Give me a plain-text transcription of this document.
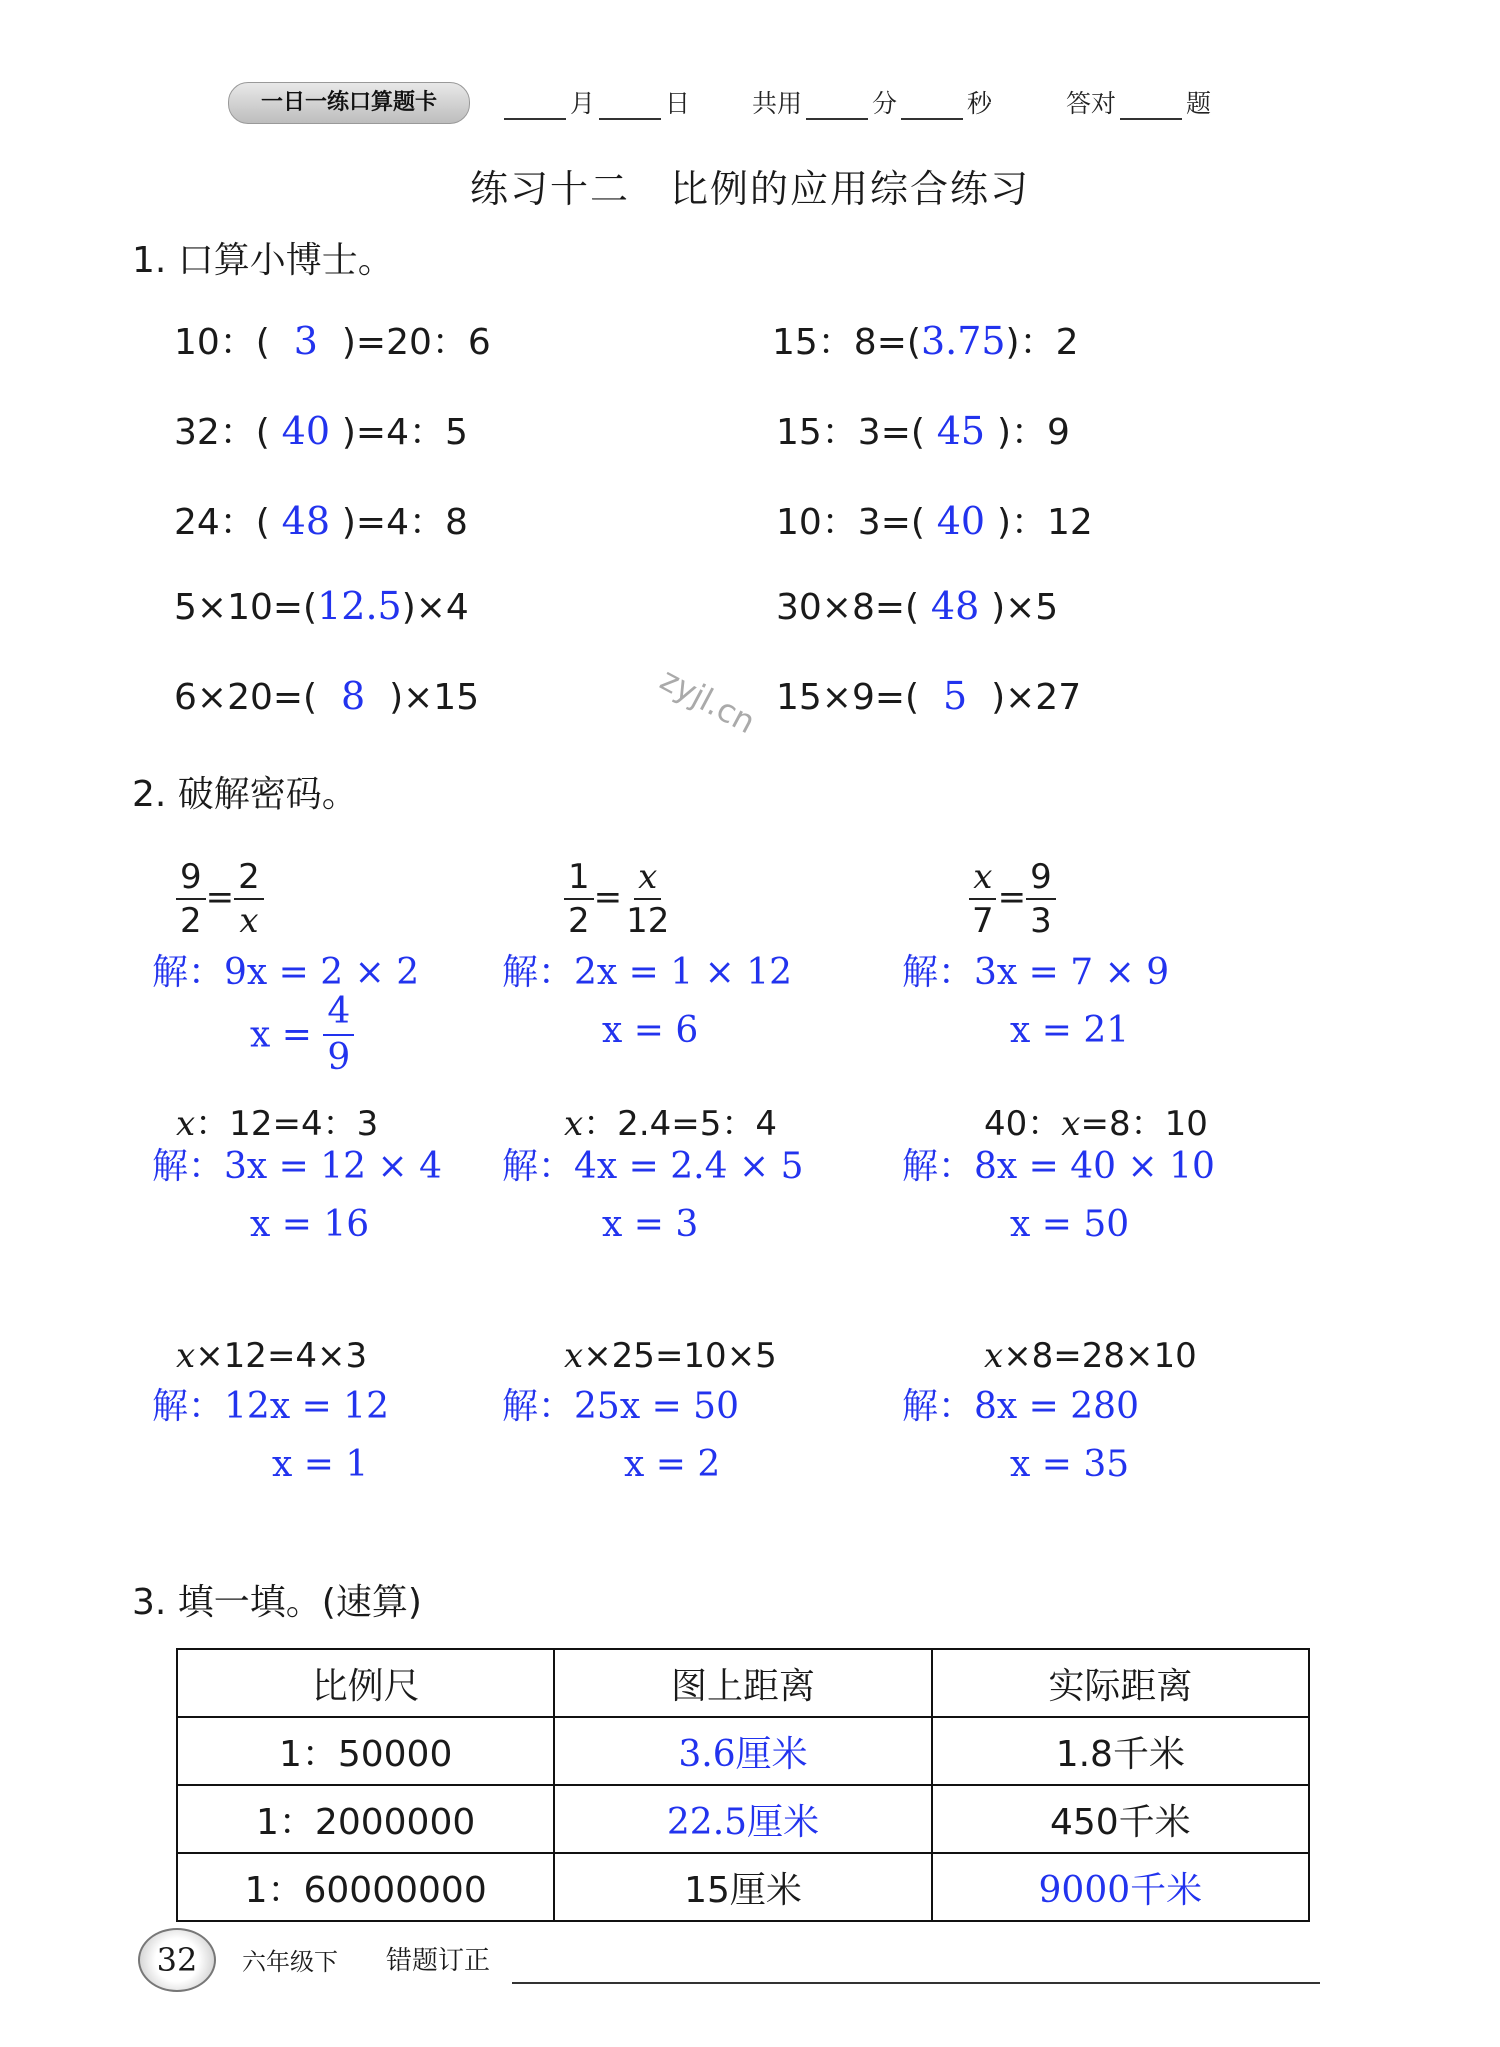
一日一练口算题卡	月	日 共用	分	秒	答对	题
练习十二　比例的应用综合练习
1. 口算小博士。
10：( 3 )=20：6	15：8=(3.75)：2
32：( 40 )=4：5	15：3=( 45 )：9
24：( 48 )=4：8	10：3=( 40 )：12
5×10=(12.5)×4	30×8=( 48 )×5
6×20=( 8 )×15	15×9=( 5 )×27
zyjl.cn
2. 破解密码。
$\frac{9}{2} = \frac{2}{x}$	$\frac{1}{2} = \frac{x}{12}$	$\frac{x}{7} = \frac{9}{3}$
解：9x = 2 × 2 解：2x = 1 × 12	解：3x = 7 × 9
$x = \frac{4}{9}$	x = 6	x = 21
x：12=4：3	x：2.4=5：4	40：x=8：10
解：3x = 12 × 4 解：4x = 2.4 × 5	解：8x = 40 × 10
x = 16	x = 3	x = 50
x×12=4×3	x×25=10×5	x×8=28×10
解：12x = 12	解：25x = 50	解：8x = 280
x = 1	x = 2	x = 35
3. 填一填。(速算)
比例尺	图上距离	实际距离
1：50000	3.6厘米	1.8千米
1：2000000	22.5厘米	450千米
1：60000000	15厘米	9000千米
32	六年级下 错题订正
